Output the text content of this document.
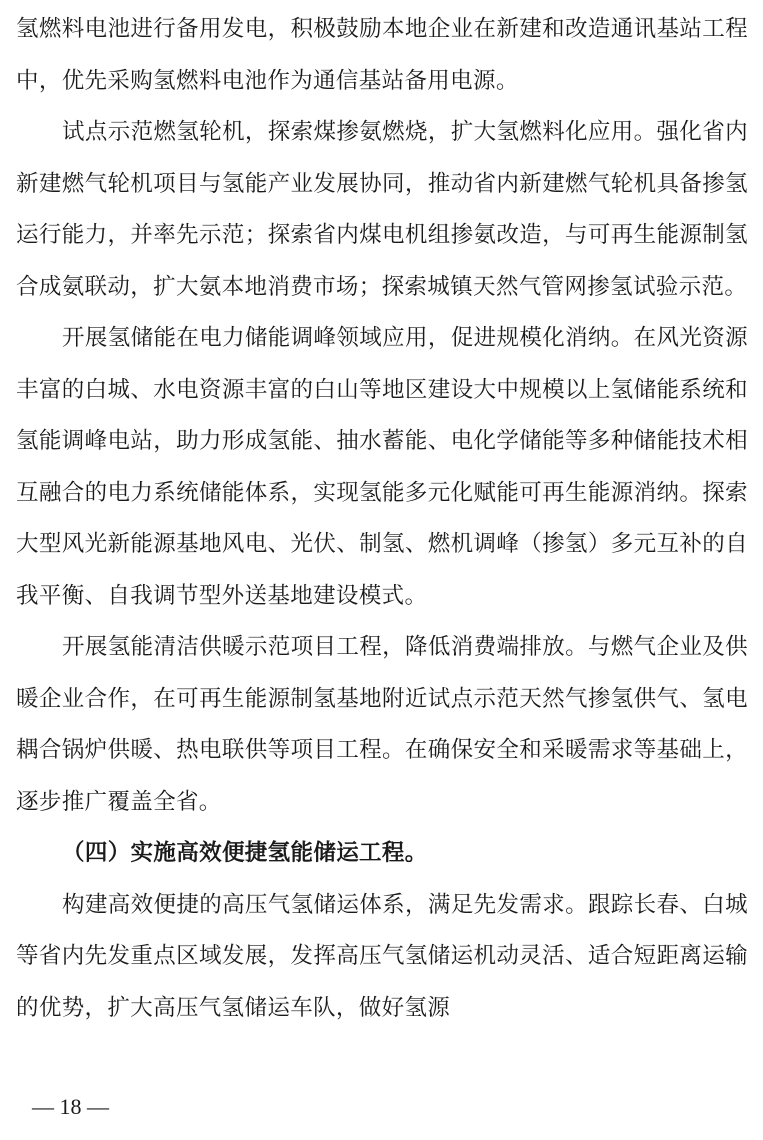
氢燃料电池进行备用发电，积极鼓励本地企业在新建和改造通讯基站工程中，优先采购氢燃料电池作为通信基站备用电源。

试点示范燃氢轮机，探索煤掺氨燃烧，扩大氢燃料化应用。强化省内新建燃气轮机项目与氢能产业发展协同，推动省内新建燃气轮机具备掺氢运行能力，并率先示范；探索省内煤电机组掺氨改造，与可再生能源制氢合成氨联动，扩大氨本地消费市场；探索城镇天然气管网掺氢试验示范。

开展氢储能在电力储能调峰领域应用，促进规模化消纳。在风光资源丰富的白城、水电资源丰富的白山等地区建设大中规模以上氢储能系统和氢能调峰电站，助力形成氢能、抽水蓄能、电化学储能等多种储能技术相互融合的电力系统储能体系，实现氢能多元化赋能可再生能源消纳。探索大型风光新能源基地风电、光伏、制氢、燃机调峰（掺氢）多元互补的自我平衡、自我调节型外送基地建设模式。

开展氢能清洁供暖示范项目工程，降低消费端排放。与燃气企业及供暖企业合作，在可再生能源制氢基地附近试点示范天然气掺氢供气、氢电耦合锅炉供暖、热电联供等项目工程。在确保安全和采暖需求等基础上，逐步推广覆盖全省。

（四）实施高效便捷氢能储运工程。

构建高效便捷的高压气氢储运体系，满足先发需求。跟踪长春、白城等省内先发重点区域发展，发挥高压气氢储运机动灵活、适合短距离运输的优势，扩大高压气氢储运车队，做好氢源

— 18 —
